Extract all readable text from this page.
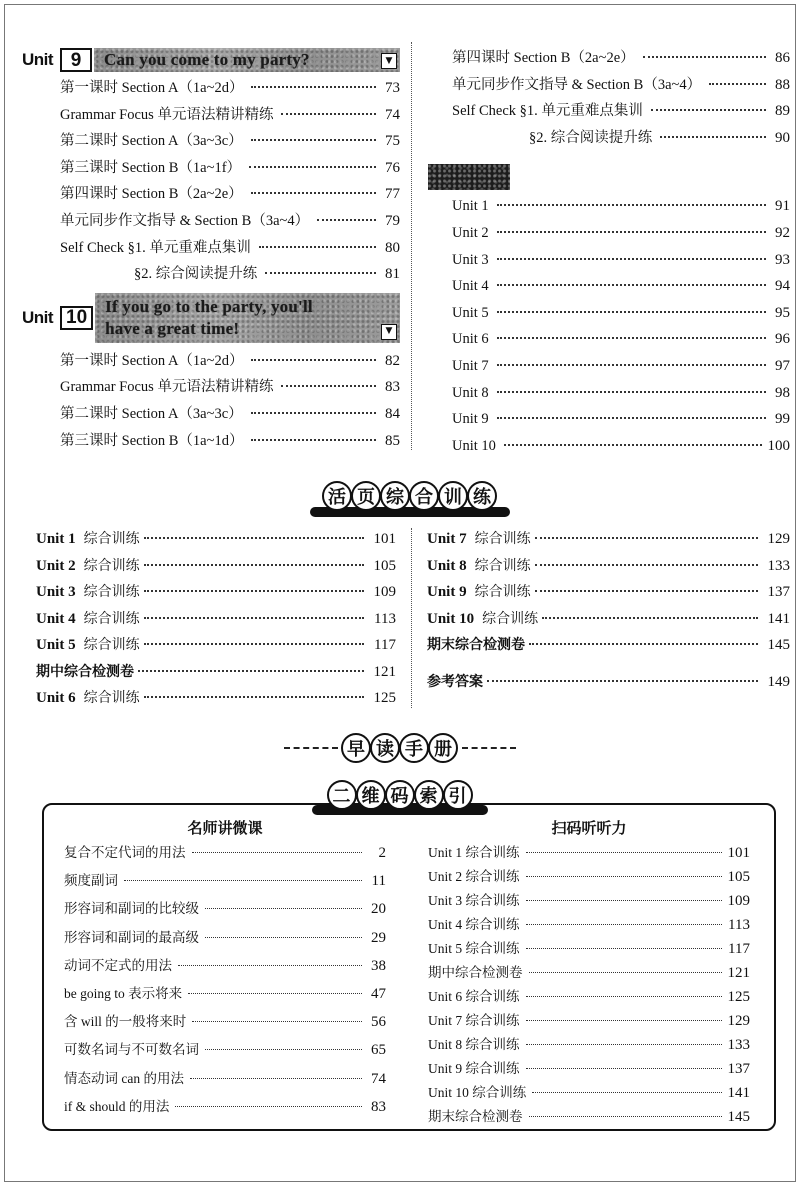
Unit 9	Can you come to my party?	▼
第一课时 Section A（1a~2d）	73
Grammar Focus 单元语法精讲精练	74
第二课时 Section A（3a~3c）	75
第三课时 Section B（1a~1f）	76
第四课时 Section B（2a~2e）	77
单元同步作文指导 & Section B（3a~4）	79
Self Check §1. 单元重难点集训	80
§2. 综合阅读提升练	81
Unit 10
If you go to the party, you'll
have a great time!	▼
第一课时 Section A（1a~2d）	82
Grammar Focus 单元语法精讲精练	83
第二课时 Section A（3a~3c）	84
第三课时 Section B（1a~1d）	85
第四课时 Section B（2a~2e）	86
单元同步作文指导 & Section B（3a~4）	88
Self Check §1. 单元重难点集训	89
§2. 综合阅读提升练	90
Unit 1	91
Unit 2	92
Unit 3	93
Unit 4	94
Unit 5	95
Unit 6	96
Unit 7	97
Unit 8	98
Unit 9	99
Unit 10	100
活 页 综 合 训 练
Unit 1 综合训练	101
Unit 2 综合训练	105
Unit 3 综合训练	109
Unit 4 综合训练	113
Unit 5 综合训练	117
期中综合检测卷	121
Unit 6 综合训练	125
Unit 7 综合训练	129
Unit 8 综合训练	133
Unit 9 综合训练	137
Unit 10 综合训练	141
期末综合检测卷	145
参考答案	149
早 读 手 册
名师讲微课
复合不定代词的用法	2
频度副词	11
形容词和副词的比较级	20
形容词和副词的最高级	29
动词不定式的用法	38
be going to 表示将来	47
含 will 的一般将来时	56
可数名词与不可数名词	65
情态动词 can 的用法	74
if & should 的用法	83
扫码听听力
Unit 1 综合训练	101
Unit 2 综合训练	105
Unit 3 综合训练	109
Unit 4 综合训练	113
Unit 5 综合训练	117
期中综合检测卷	121
Unit 6 综合训练	125
Unit 7 综合训练	129
Unit 8 综合训练	133
Unit 9 综合训练	137
Unit 10 综合训练	141
期末综合检测卷	145
二 维 码 索 引
